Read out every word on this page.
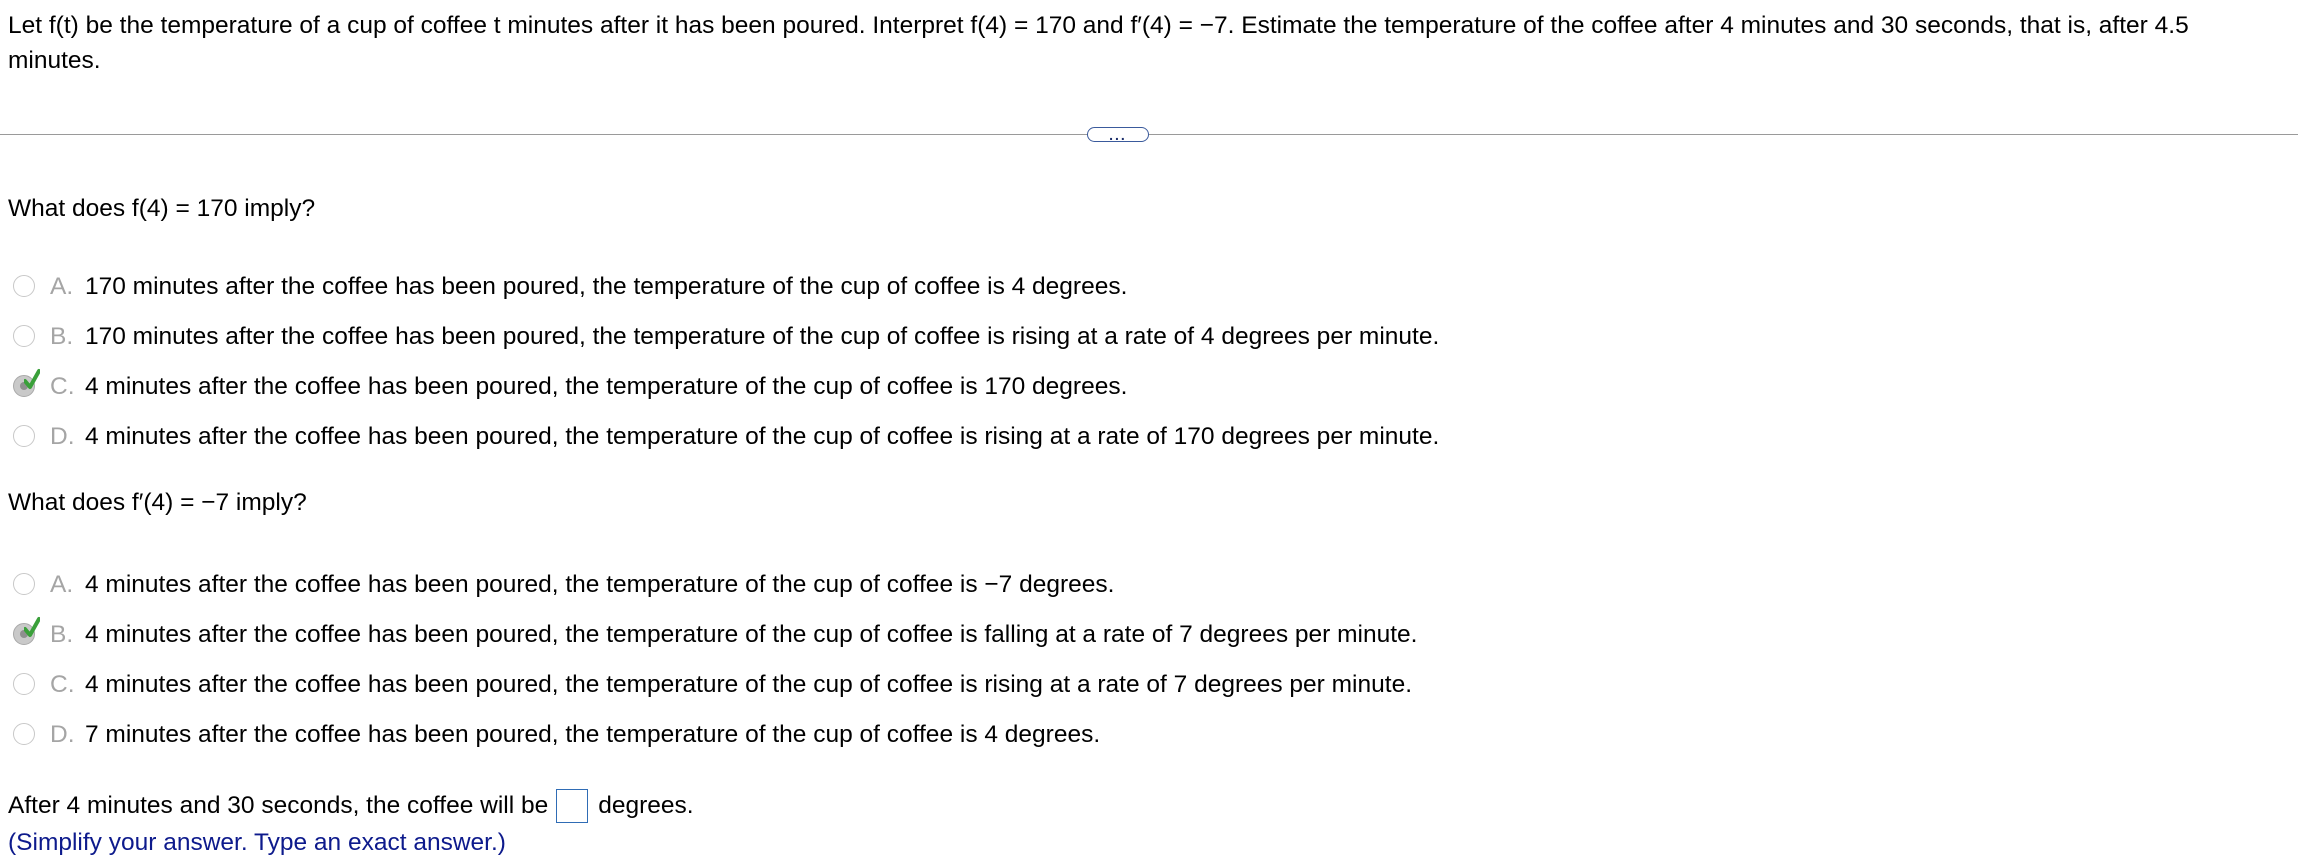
Let f(t) be the temperature of a cup of coffee t minutes after it has been poured. Interpret f(4) = 170 and f′(4) = −7. Estimate the temperature of the coffee after 4 minutes and 30 seconds, that is, after 4.5 minutes.
...
What does f(4) = 170 imply?
A. 170 minutes after the coffee has been poured, the temperature of the cup of coffee is 4 degrees.
B. 170 minutes after the coffee has been poured, the temperature of the cup of coffee is rising at a rate of 4 degrees per minute.
C. 4 minutes after the coffee has been poured, the temperature of the cup of coffee is 170 degrees.
D. 4 minutes after the coffee has been poured, the temperature of the cup of coffee is rising at a rate of 170 degrees per minute.
What does f′(4) = −7 imply?
A. 4 minutes after the coffee has been poured, the temperature of the cup of coffee is −7 degrees.
B. 4 minutes after the coffee has been poured, the temperature of the cup of coffee is falling at a rate of 7 degrees per minute.
C. 4 minutes after the coffee has been poured, the temperature of the cup of coffee is rising at a rate of 7 degrees per minute.
D. 7 minutes after the coffee has been poured, the temperature of the cup of coffee is 4 degrees.
After 4 minutes and 30 seconds, the coffee will be degrees.
(Simplify your answer. Type an exact answer.)
